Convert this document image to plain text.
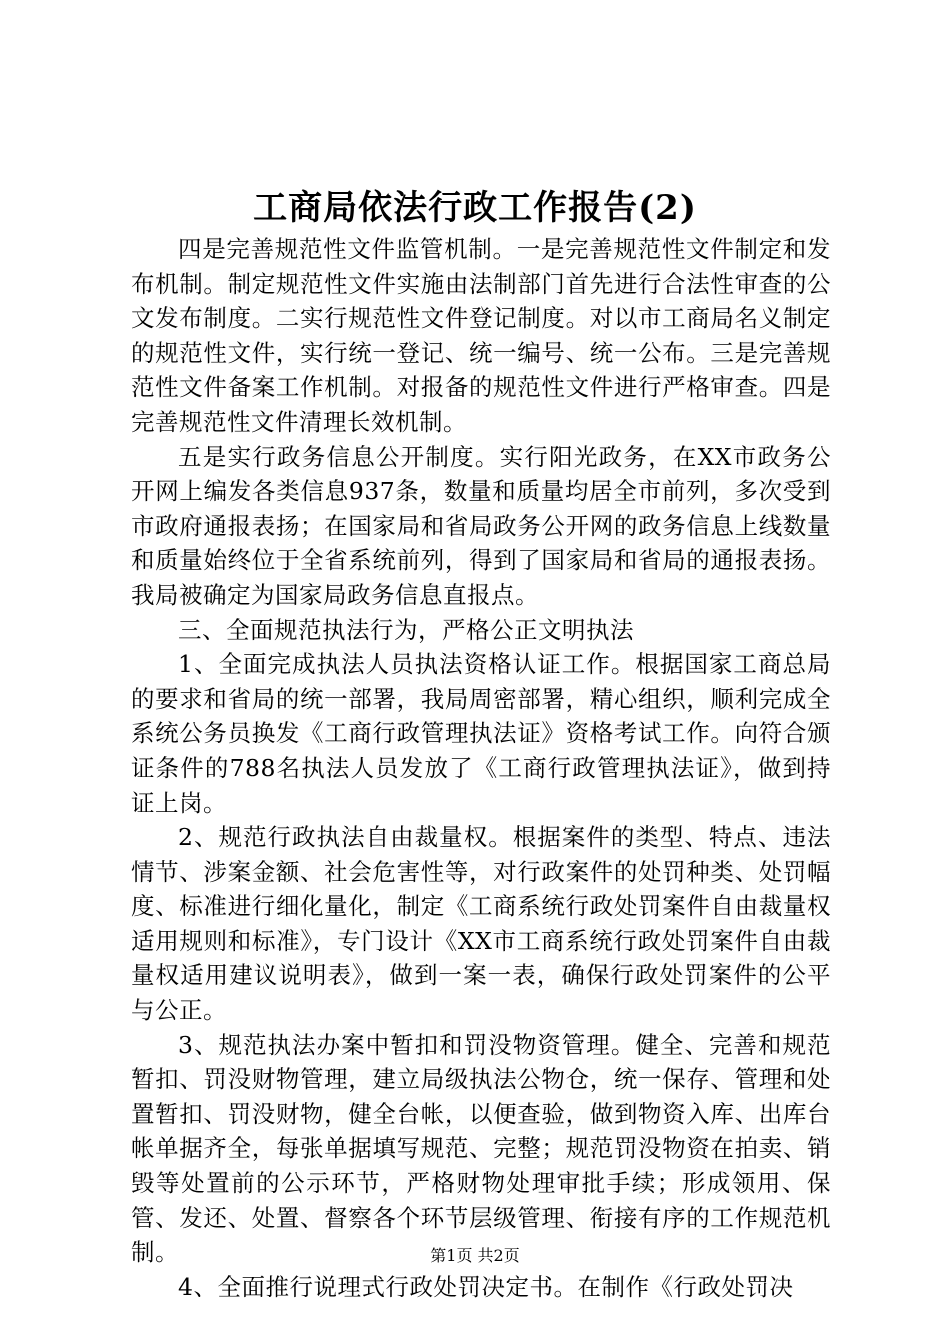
工商局依法行政工作报告(2)

四是完善规范性文件监管机制。一是完善规范性文件制定和发布机制。制定规范性文件实施由法制部门首先进行合法性审查的公文发布制度。二实行规范性文件登记制度。对以市工商局名义制定的规范性文件，实行统一登记、统一编号、统一公布。三是完善规范性文件备案工作机制。对报备的规范性文件进行严格审查。四是完善规范性文件清理长效机制。

五是实行政务信息公开制度。实行阳光政务，在XX市政务公开网上编发各类信息937条，数量和质量均居全市前列，多次受到市政府通报表扬；在国家局和省局政务公开网的政务信息上线数量和质量始终位于全省系统前列，得到了国家局和省局的通报表扬。我局被确定为国家局政务信息直报点。

三、全面规范执法行为，严格公正文明执法

1、全面完成执法人员执法资格认证工作。根据国家工商总局的要求和省局的统一部署，我局周密部署，精心组织，顺利完成全系统公务员换发《工商行政管理执法证》资格考试工作。向符合颁证条件的788名执法人员发放了《工商行政管理执法证》，做到持证上岗。

2、规范行政执法自由裁量权。根据案件的类型、特点、违法情节、涉案金额、社会危害性等，对行政案件的处罚种类、处罚幅度、标准进行细化量化，制定《工商系统行政处罚案件自由裁量权适用规则和标准》，专门设计《XX市工商系统行政处罚案件自由裁量权适用建议说明表》，做到一案一表，确保行政处罚案件的公平与公正。

3、规范执法办案中暂扣和罚没物资管理。健全、完善和规范暂扣、罚没财物管理，建立局级执法公物仓，统一保存、管理和处置暂扣、罚没财物，健全台帐，以便查验，做到物资入库、出库台帐单据齐全，每张单据填写规范、完整；规范罚没物资在拍卖、销毁等处置前的公示环节，严格财物处理审批手续；形成领用、保管、发还、处置、督察各个环节层级管理、衔接有序的工作规范机制。

4、全面推行说理式行政处罚决定书。在制作《行政处罚决

第1页 共2页
